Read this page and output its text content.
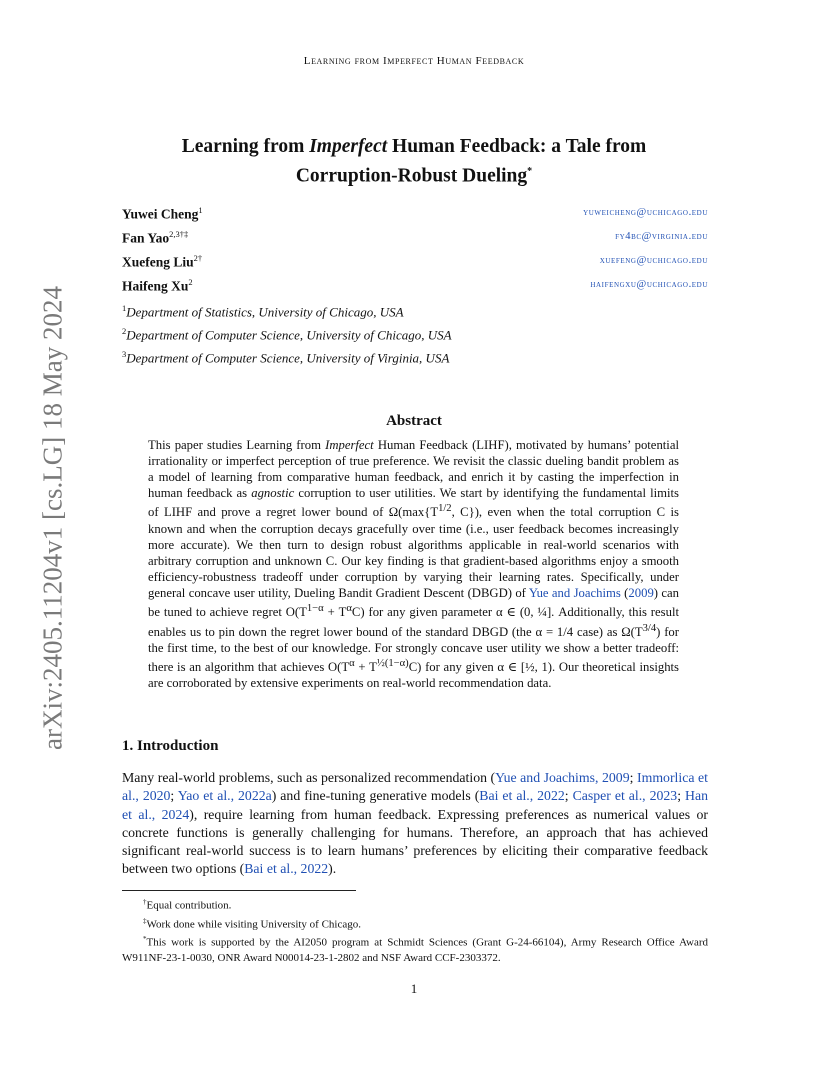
Learning from Imperfect Human Feedback
arXiv:2405.11204v1 [cs.LG] 18 May 2024
Learning from Imperfect Human Feedback: a Tale from
Corruption-Robust Dueling*
Yuwei Cheng$^1$	yuweicheng@uchicago.edu
Fan Yao$^{2,3\dagger\ddagger}$	fy4bc@virginia.edu
Xuefeng Liu$^{2\dagger}$	xuefeng@uchicago.edu
Haifeng Xu$^2$	haifengxu@uchicago.edu
$^1$Department of Statistics, University of Chicago, USA
$^2$Department of Computer Science, University of Chicago, USA
$^3$Department of Computer Science, University of Virginia, USA
Abstract
This paper studies Learning from Imperfect Human Feedback (LIHF), motivated by humans’ potential irrationality or imperfect perception of true preference. We revisit the classic dueling bandit problem as a model of learning from comparative human feedback, and enrich it by casting the imperfection in human feedback as agnostic corruption to user utilities. We start by identifying the fundamental limits of LIHF and prove a regret lower bound of $\Omega(\max\{T^{1/2}$, C}), even when the total corruption C is known and when the corruption decays gracefully over time (i.e., user feedback becomes increasingly more accurate). We then turn to design robust algorithms applicable in real-world scenarios with arbitrary corruption and unknown C. Our key finding is that gradient-based algorithms enjoy a smooth efficiency-robustness tradeoff under corruption by varying their learning rates. Specifically, under general concave user utility, Dueling Bandit Gradient Descent (DBGD) of Yue and Joachims (2009) can be tuned to achieve regret $O(T^{1-\alpha} + T^\alpha C)$ for any given parameter α ∈ (0, ¼]. Additionally, this result enables us to pin down the regret lower bound of the standard DBGD (the α = 1/4 case) as $\Omega(T^{3/4})$ for the first time, to the best of our knowledge. For strongly concave user utility we show a better tradeoff: there is an algorithm that achieves $O(T^\alpha + T^{\frac{1}{2}(1-\alpha)}C)$ for any given α ∈ [½, 1). Our theoretical insights are corroborated by extensive experiments on real-world recommendation data.
1. Introduction
Many real-world problems, such as personalized recommendation (Yue and Joachims, 2009; Immorlica et al., 2020; Yao et al., 2022a) and fine-tuning generative models (Bai et al., 2022; Casper et al., 2023; Han et al., 2024), require learning from human feedback. Expressing preferences as numerical values or concrete functions is generally challenging for humans. Therefore, an approach that has achieved significant real-world success is to learn humans’ preferences by eliciting their comparative feedback between two options (Bai et al., 2022).
†Equal contribution.
‡Work done while visiting University of Chicago.
*This work is supported by the AI2050 program at Schmidt Sciences (Grant G-24-66104), Army Research Office Award W911NF-23-1-0030, ONR Award N00014-23-1-2802 and NSF Award CCF-2303372.
1
